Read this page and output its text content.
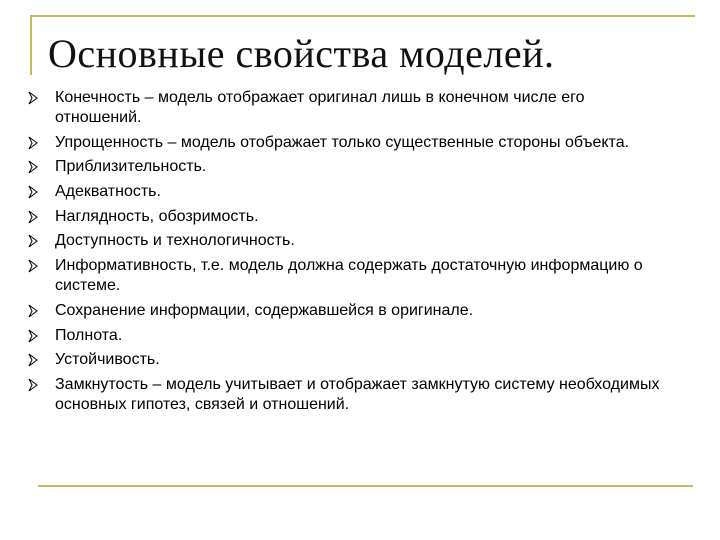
Основные свойства моделей.
Конечность – модель отображает оригинал лишь в конечном числе его отношений.
Упрощенность – модель отображает только существенные стороны объекта.
Приблизительность.
Адекватность.
Наглядность, обозримость.
Доступность и технологичность.
Информативность, т.е. модель должна содержать достаточную информацию о системе.
Сохранение информации, содержавшейся в оригинале.
Полнота.
Устойчивость.
Замкнутость – модель учитывает и отображает замкнутую систему необходимых основных гипотез, связей и отношений.
